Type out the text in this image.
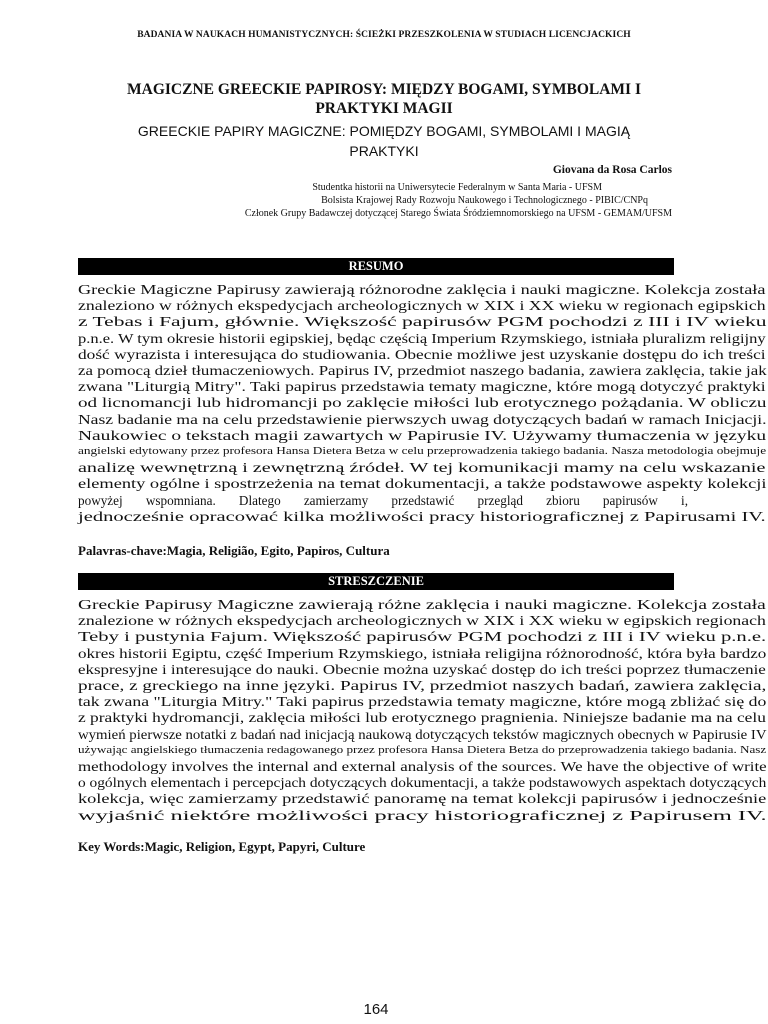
BADANIA W NAUKACH HUMANISTYCZNYCH: ŚCIEŻKI PRZESZKOLENIA W STUDIACH LICENCJACKICH
MAGICZNE GREECKIE PAPIROSY: MIĘDZY BOGAMI, SYMBOLAMI I
PRAKTYKI MAGII
GREECKIE PAPIRY MAGICZNE: POMIĘDZY BOGAMI, SYMBOLAMI I MAGIĄ
PRAKTYKI
Giovana da Rosa Carlos
Studentka historii na Uniwersytecie Federalnym w Santa Maria - UFSM
Bolsista Krajowej Rady Rozwoju Naukowego i Technologicznego - PIBIC/CNPq
Członek Grupy Badawczej dotyczącej Starego Świata Śródziemnomorskiego na UFSM - GEMAM/UFSM
RESUMO
Greckie Magiczne Papirusy zawierają różnorodne zaklęcia i nauki magiczne. Kolekcja została
znaleziono w różnych ekspedycjach archeologicznych w XIX i XX wieku w regionach egipskich
z Tebas i Fajum, głównie. Większość papirusów PGM pochodzi z III i IV wieku
p.n.e. W tym okresie historii egipskiej, będąc częścią Imperium Rzymskiego, istniała pluralizm religijny
dość wyrazista i interesująca do studiowania. Obecnie możliwe jest uzyskanie dostępu do ich treści
za pomocą dzieł tłumaczeniowych. Papirus IV, przedmiot naszego badania, zawiera zaklęcia, takie jak
zwana "Liturgią Mitry". Taki papirus przedstawia tematy magiczne, które mogą dotyczyć praktyki
od licnomancji lub hidromancji po zaklęcie miłości lub erotycznego pożądania. W obliczu
Nasz badanie ma na celu przedstawienie pierwszych uwag dotyczących badań w ramach Inicjacji.
Naukowiec o tekstach magii zawartych w Papirusie IV. Używamy tłumaczenia w języku
angielski edytowany przez profesora Hansa Dietera Betza w celu przeprowadzenia takiego badania. Nasza metodologia obejmuje
analizę wewnętrzną i zewnętrzną źródeł. W tej komunikacji mamy na celu wskazanie
elementy ogólne i spostrzeżenia na temat dokumentacji, a także podstawowe aspekty kolekcji
powyżej wspomniana. Dlatego zamierzamy przedstawić przegląd zbioru papirusów i,
jednocześnie opracować kilka możliwości pracy historiograficznej z Papirusami IV.
Palavras-chave:Magia, Religião, Egito, Papiros, Cultura
STRESZCZENIE
Greckie Papirusy Magiczne zawierają różne zaklęcia i nauki magiczne. Kolekcja została
znalezione w różnych ekspedycjach archeologicznych w XIX i XX wieku w egipskich regionach
Teby i pustynia Fajum. Większość papirusów PGM pochodzi z III i IV wieku p.n.e.
okres historii Egiptu, część Imperium Rzymskiego, istniała religijna różnorodność, która była bardzo
ekspresyjne i interesujące do nauki. Obecnie można uzyskać dostęp do ich treści poprzez tłumaczenie
prace, z greckiego na inne języki. Papirus IV, przedmiot naszych badań, zawiera zaklęcia,
tak zwana "Liturgia Mitry." Taki papirus przedstawia tematy magiczne, które mogą zbliżać się do
z praktyki hydromancji, zaklęcia miłości lub erotycznego pragnienia. Niniejsze badanie ma na celu
wymień pierwsze notatki z badań nad inicjacją naukową dotyczących tekstów magicznych obecnych w Papirusie IV
używając angielskiego tłumaczenia redagowanego przez profesora Hansa Dietera Betza do przeprowadzenia takiego badania. Nasz
methodology involves the internal and external analysis of the sources. We have the objective of write
o ogólnych elementach i percepcjach dotyczących dokumentacji, a także podstawowych aspektach dotyczących
kolekcja, więc zamierzamy przedstawić panoramę na temat kolekcji papirusów i jednocześnie
wyjaśnić niektóre możliwości pracy historiograficznej z Papirusem IV.
Key Words:Magic, Religion, Egypt, Papyri, Culture
164
